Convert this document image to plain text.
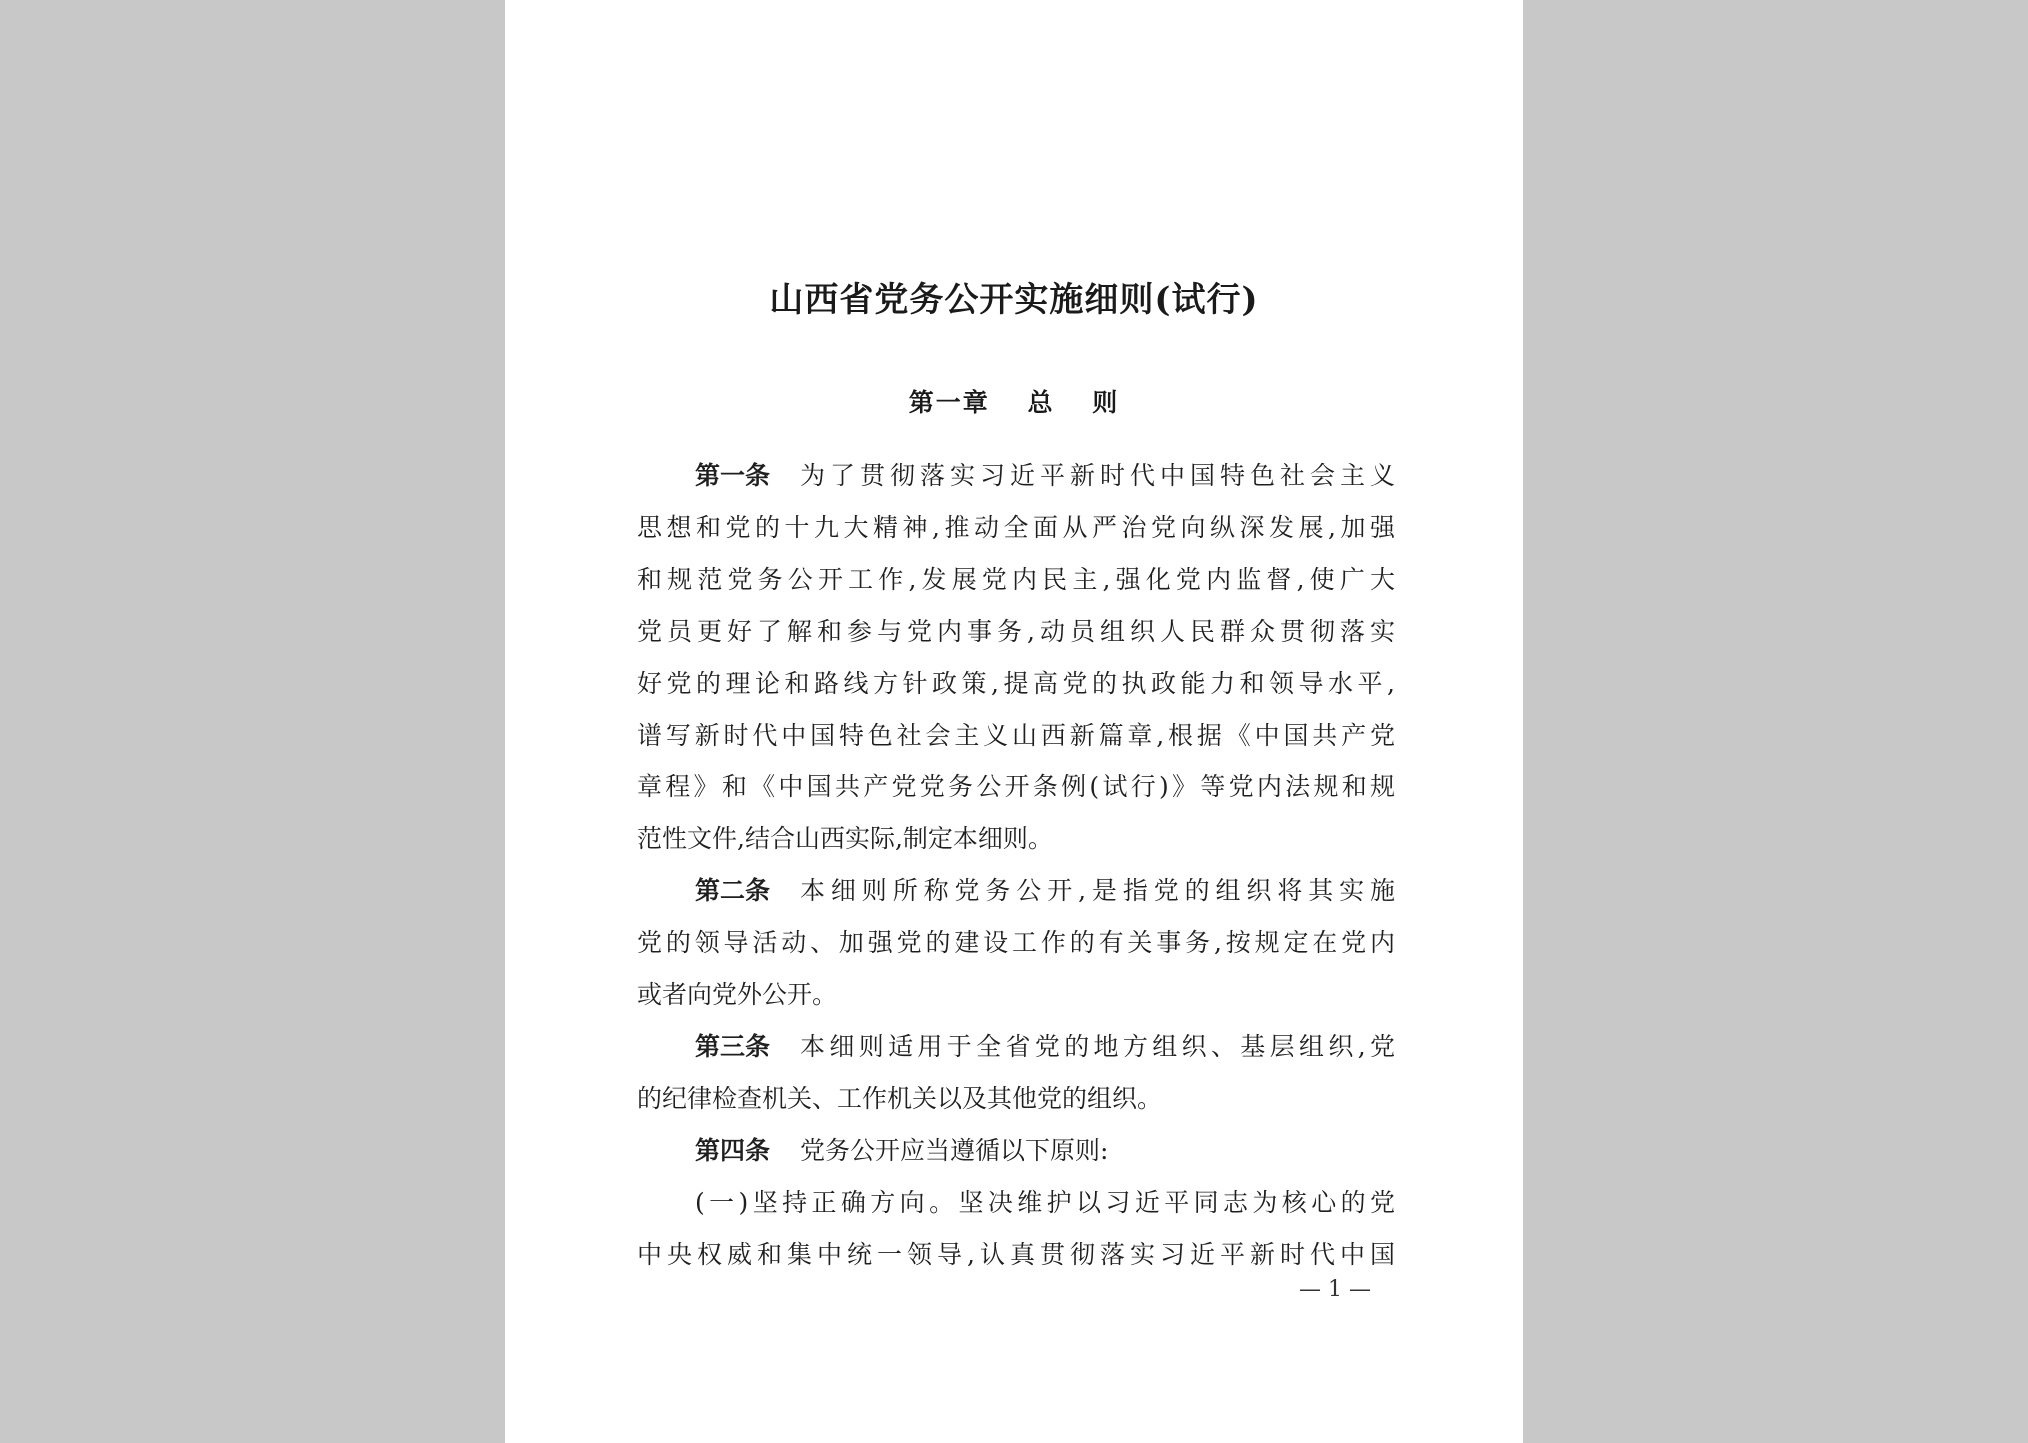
山西省党务公开实施细则(试行)
第一章　 总　 则
第一条 为了贯彻落实习近平新时代中国特色社会主义
思想和党的十九大精神,推动全面从严治党向纵深发展,加强
和规范党务公开工作,发展党内民主,强化党内监督,使广大
党员更好了解和参与党内事务,动员组织人民群众贯彻落实
好党的理论和路线方针政策,提高党的执政能力和领导水平,
谱写新时代中国特色社会主义山西新篇章,根据《中国共产党
章程》和《中国共产党党务公开条例(试行)》等党内法规和规
范性文件,结合山西实际,制定本细则。
第二条 本细则所称党务公开,是指党的组织将其实施
党的领导活动、加强党的建设工作的有关事务,按规定在党内
或者向党外公开。
第三条 本细则适用于全省党的地方组织、基层组织,党
的纪律检查机关、工作机关以及其他党的组织。
第四条 党务公开应当遵循以下原则:
(一)坚持正确方向。坚决维护以习近平同志为核心的党
中央权威和集中统一领导,认真贯彻落实习近平新时代中国
— 1 —
